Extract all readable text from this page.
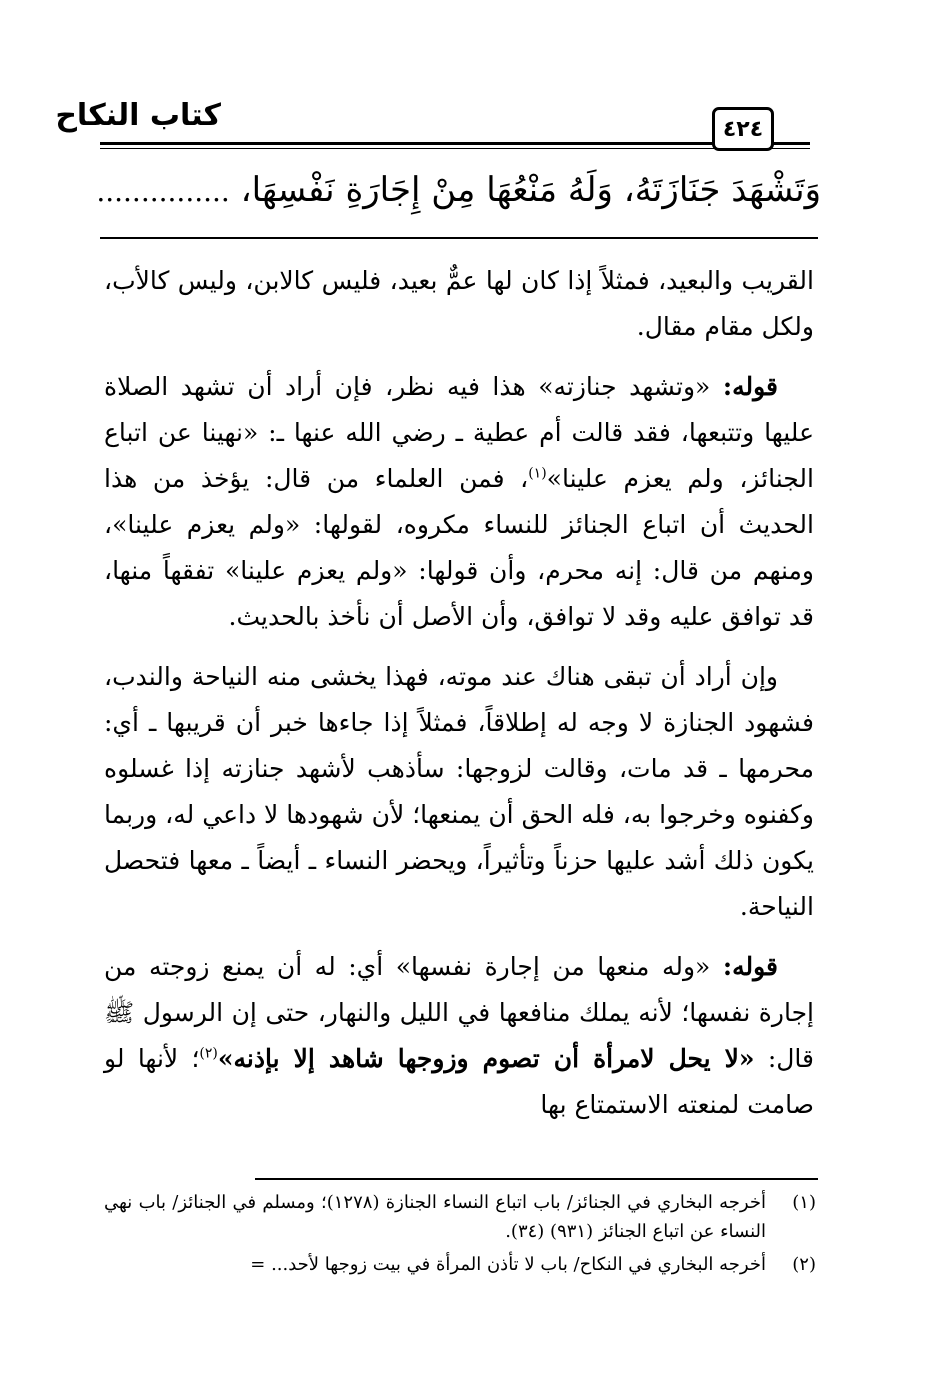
كتاب النكاح	٤٢٤
وَتَشْهَدَ جَنَازَتَهُ، وَلَهُ مَنْعُهَا مِنْ إِجَارَةِ نَفْسِهَا، ...............

القريب والبعيد، فمثلاً إذا كان لها عمٌّ بعيد، فليس كالابن، وليس كالأب، ولكل مقام مقال.

قوله: «وتشهد جنازته» هذا فيه نظر، فإن أراد أن تشهد الصلاة عليها وتتبعها، فقد قالت أم عطية ـ رضي الله عنها ـ: «نهينا عن اتباع الجنائز، ولم يعزم علينا»$^{(١)}$، فمن العلماء من قال: يؤخذ من هذا الحديث أن اتباع الجنائز للنساء مكروه، لقولها: «ولم يعزم علينا»، ومنهم من قال: إنه محرم، وأن قولها: «ولم يعزم علينا» تفقهاً منها، قد توافق عليه وقد لا توافق، وأن الأصل أن نأخذ بالحديث.

وإن أراد أن تبقى هناك عند موته، فهذا يخشى منه النياحة والندب، فشهود الجنازة لا وجه له إطلاقاً، فمثلاً إذا جاءها خبر أن قريبها ـ أي: محرمها ـ قد مات، وقالت لزوجها: سأذهب لأشهد جنازته إذا غسلوه وكفنوه وخرجوا به، فله الحق أن يمنعها؛ لأن شهودها لا داعي له، وربما يكون ذلك أشد عليها حزناً وتأثيراً، ويحضر النساء ـ أيضاً ـ معها فتحصل النياحة.

قوله: «وله منعها من إجارة نفسها» أي: له أن يمنع زوجته من إجارة نفسها؛ لأنه يملك منافعها في الليل والنهار، حتى إن الرسول ﷺ قال: «لا يحل لامرأة أن تصوم وزوجها شاهد إلا بإذنه»$^{(٢)}$؛ لأنها لو صامت لمنعته الاستمتاع بها

(١)
أخرجه البخاري في الجنائز/ باب اتباع النساء الجنازة (١٢٧٨)؛ ومسلم في الجنائز/ باب نهي النساء عن اتباع الجنائز (٩٣١) (٣٤).
(٢)
أخرجه البخاري في النكاح/ باب لا تأذن المرأة في بيت زوجها لأحد... =
